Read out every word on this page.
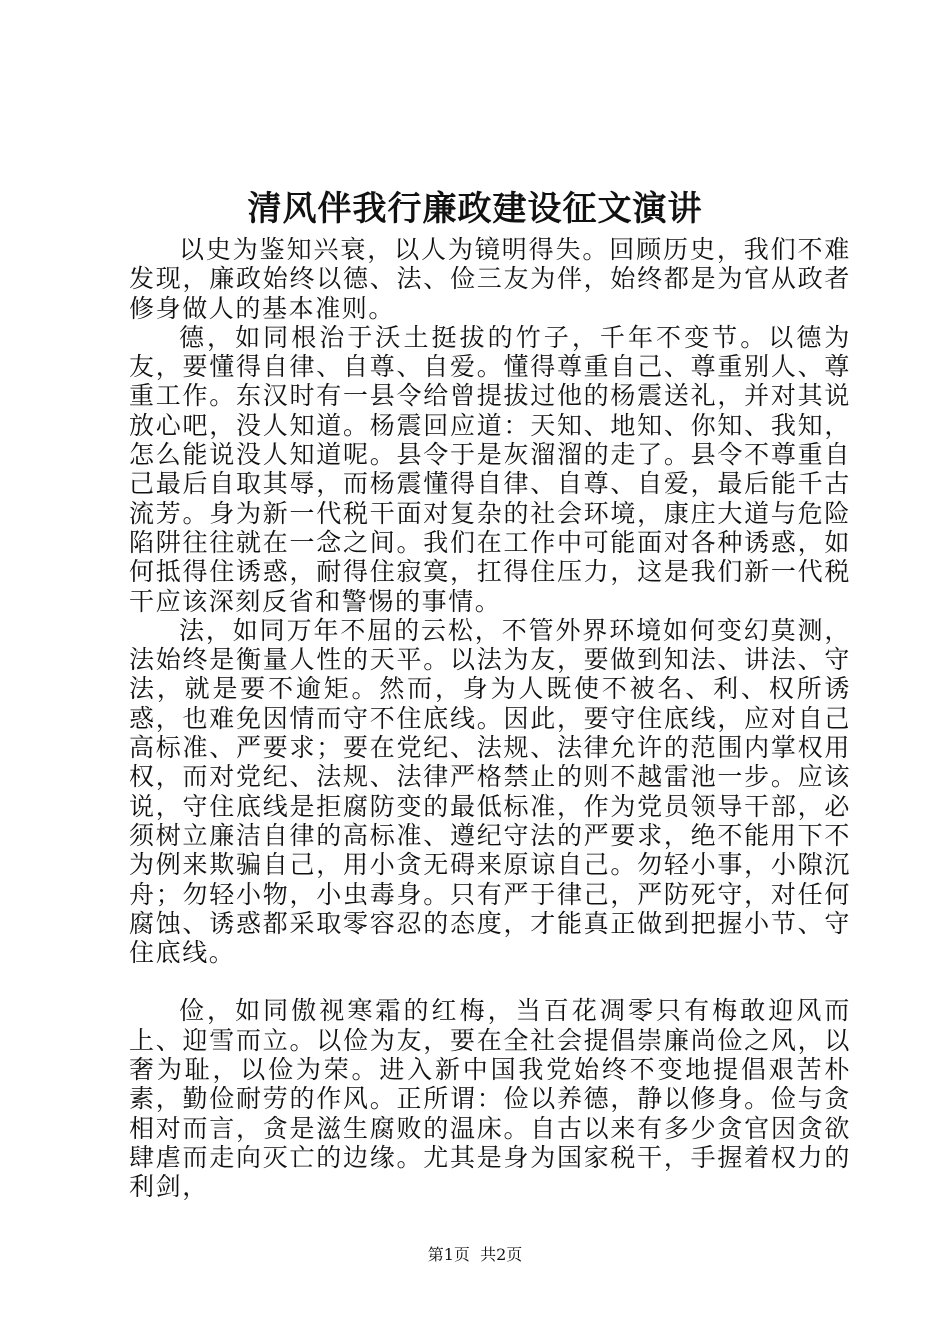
清风伴我行廉政建设征文演讲

以史为鉴知兴衰，以人为镜明得失。回顾历史，我们不难发现，廉政始终以德、法、俭三友为伴，始终都是为官从政者修身做人的基本准则。

德，如同根治于沃土挺拔的竹子，千年不变节。以德为友，要懂得自律、自尊、自爱。懂得尊重自己、尊重别人、尊重工作。东汉时有一县令给曾提拔过他的杨震送礼，并对其说放心吧，没人知道。杨震回应道：天知、地知、你知、我知，怎么能说没人知道呢。县令于是灰溜溜的走了。县令不尊重自己最后自取其辱，而杨震懂得自律、自尊、自爱，最后能千古流芳。身为新一代税干面对复杂的社会环境，康庄大道与危险陷阱往往就在一念之间。我们在工作中可能面对各种诱惑，如何抵得住诱惑，耐得住寂寞，扛得住压力，这是我们新一代税干应该深刻反省和警惕的事情。

法，如同万年不屈的云松，不管外界环境如何变幻莫测，法始终是衡量人性的天平。以法为友，要做到知法、讲法、守法，就是要不逾矩。然而，身为人既使不被名、利、权所诱惑，也难免因情而守不住底线。因此，要守住底线，应对自己高标准、严要求；要在党纪、法规、法律允许的范围内掌权用权，而对党纪、法规、法律严格禁止的则不越雷池一步。应该说，守住底线是拒腐防变的最低标准，作为党员领导干部，必须树立廉洁自律的高标准、遵纪守法的严要求，绝不能用下不为例来欺骗自己，用小贪无碍来原谅自己。勿轻小事，小隙沉舟；勿轻小物，小虫毒身。只有严于律己，严防死守，对任何腐蚀、诱惑都采取零容忍的态度，才能真正做到把握小节、守住底线。

俭，如同傲视寒霜的红梅，当百花凋零只有梅敢迎风而上、迎雪而立。以俭为友，要在全社会提倡崇廉尚俭之风，以奢为耻，以俭为荣。进入新中国我党始终不变地提倡艰苦朴素，勤俭耐劳的作风。正所谓：俭以养德，静以修身。俭与贪相对而言，贪是滋生腐败的温床。自古以来有多少贪官因贪欲肆虐而走向灭亡的边缘。尤其是身为国家税干，手握着权力的利剑，

第1页 共2页
